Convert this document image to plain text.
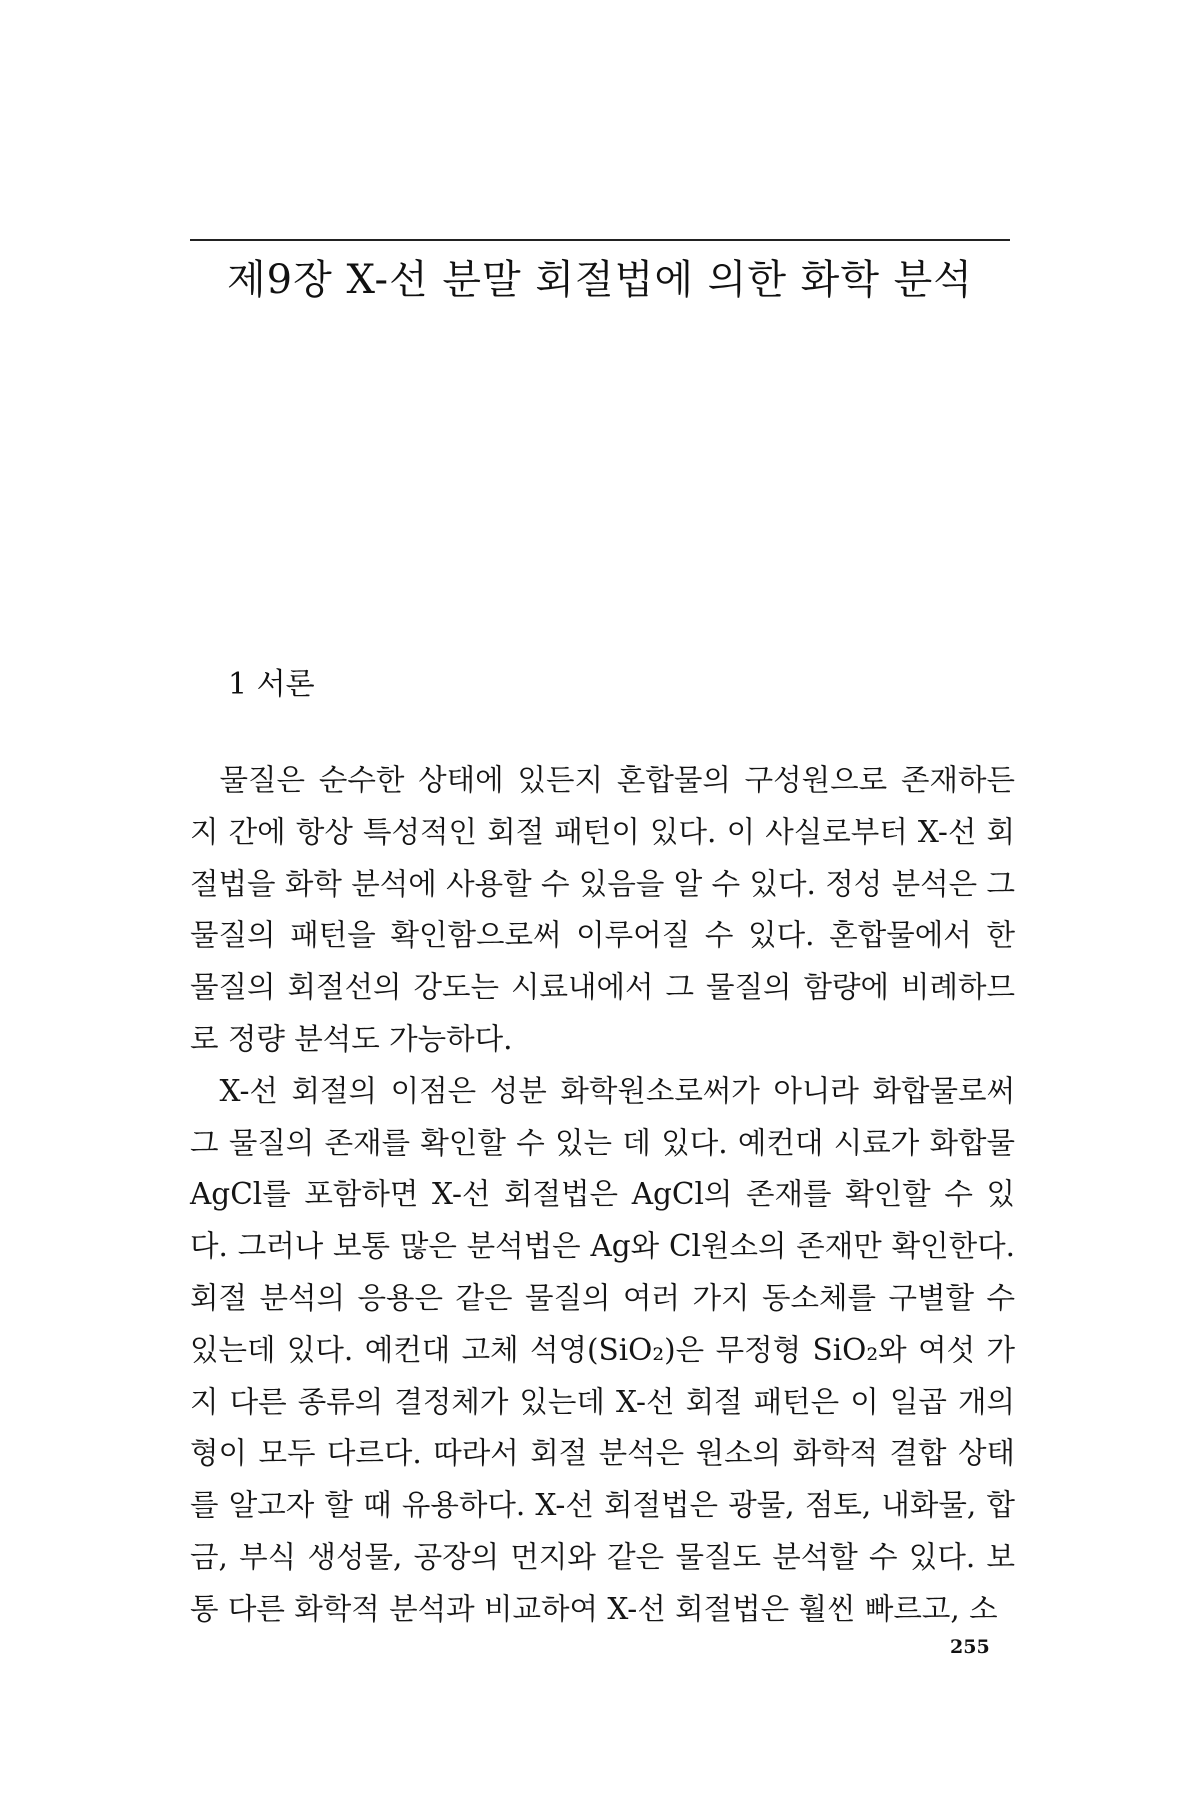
제9장 X-선 분말 회절법에 의한 화학 분석
1 서론

물질은 순수한 상태에 있든지 혼합물의 구성원으로 존재하든지 간에 항상 특성적인 회절 패턴이 있다. 이 사실로부터 X-선 회절법을 화학 분석에 사용할 수 있음을 알 수 있다. 정성 분석은 그 물질의 패턴을 확인함으로써 이루어질 수 있다. 혼합물에서 한 물질의 회절선의 강도는 시료내에서 그 물질의 함량에 비례하므로 정량 분석도 가능하다.

X-선 회절의 이점은 성분 화학원소로써가 아니라 화합물로써 그 물질의 존재를 확인할 수 있는 데 있다. 예컨대 시료가 화합물 AgCl를 포함하면 X-선 회절법은 AgCl의 존재를 확인할 수 있다. 그러나 보통 많은 분석법은 Ag와 Cl원소의 존재만 확인한다. 회절 분석의 응용은 같은 물질의 여러 가지 동소체를 구별할 수 있는데 있다. 예컨대 고체 석영(SiO₂)은 무정형 SiO₂와 여섯 가지 다른 종류의 결정체가 있는데 X-선 회절 패턴은 이 일곱 개의 형이 모두 다르다. 따라서 회절 분석은 원소의 화학적 결합 상태를 알고자 할 때 유용하다. X-선 회절법은 광물, 점토, 내화물, 합금, 부식 생성물, 공장의 먼지와 같은 물질도 분석할 수 있다. 보통 다른 화학적 분석과 비교하여 X-선 회절법은 훨씬 빠르고, 소

255
